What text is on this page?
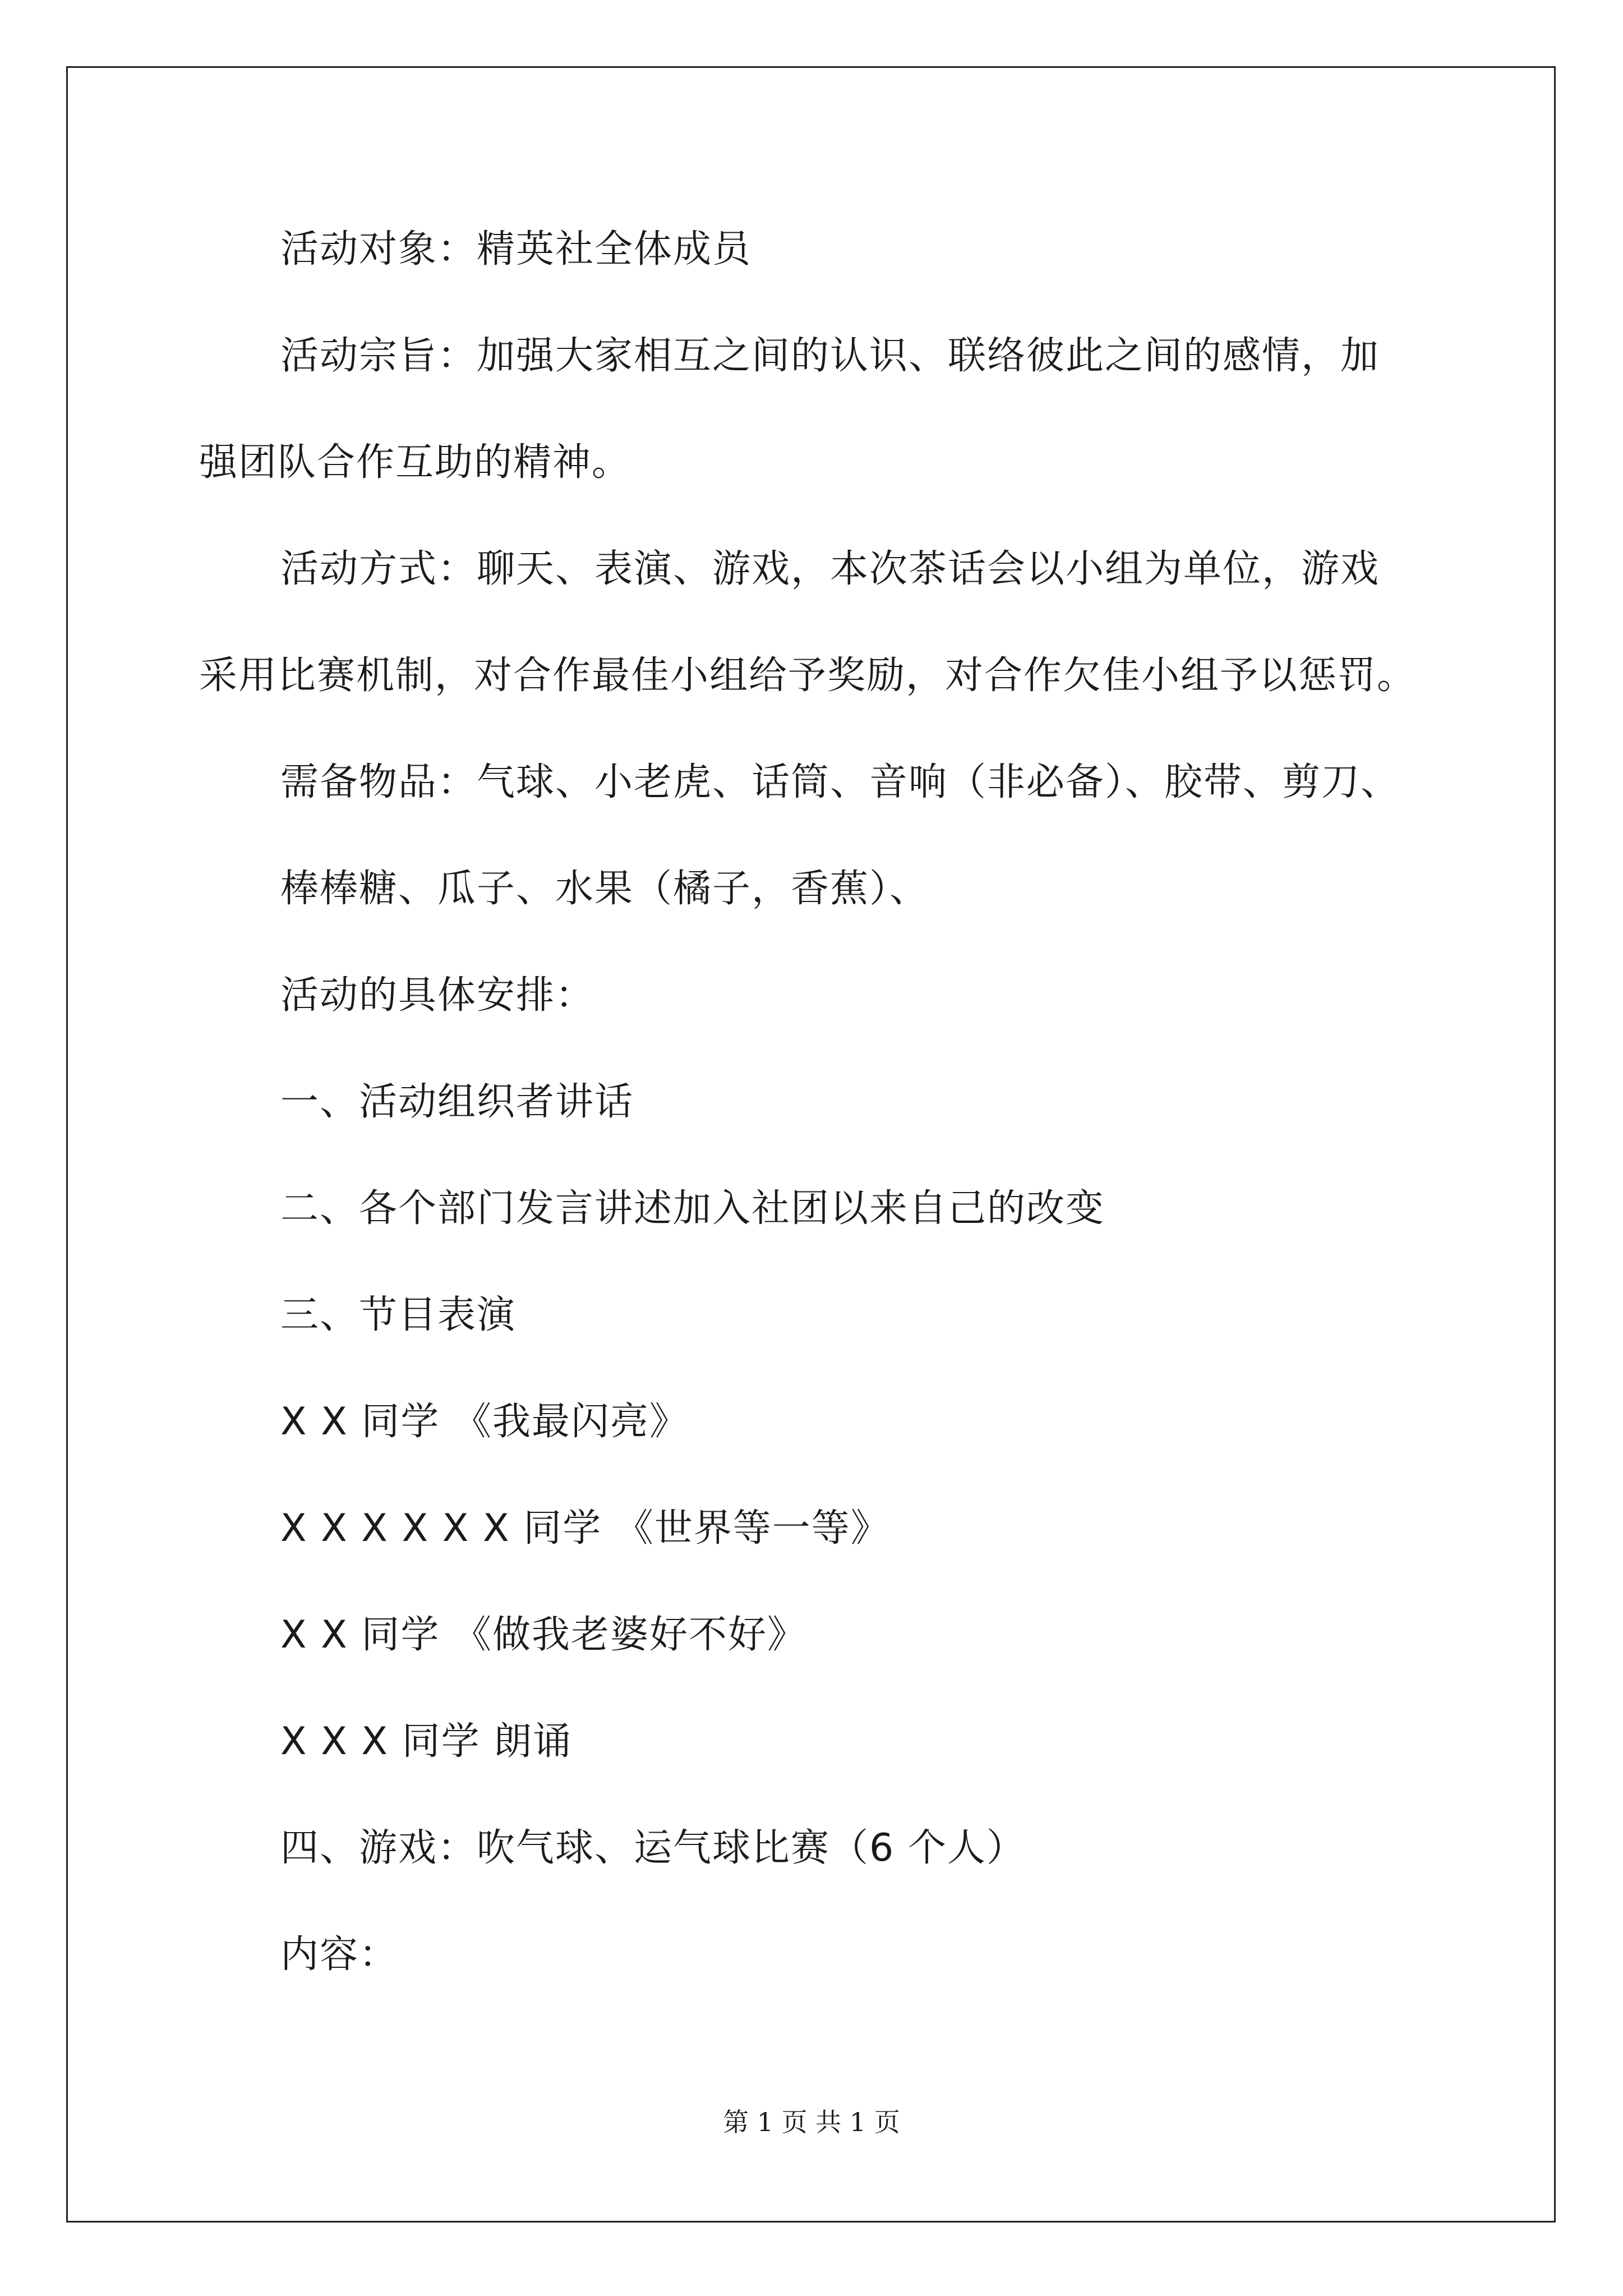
活动对象：精英社全体成员

活动宗旨：加强大家相互之间的认识、联络彼此之间的感情，加

强团队合作互助的精神。

活动方式：聊天、表演、游戏，本次茶话会以小组为单位，游戏

采用比赛机制，对合作最佳小组给予奖励，对合作欠佳小组予以惩罚。

需备物品：气球、小老虎、话筒、音响（非必备）、胶带、剪刀、

棒棒糖、瓜子、水果（橘子，香蕉）、

活动的具体安排：

一、活动组织者讲话

二、各个部门发言讲述加入社团以来自己的改变

三、节目表演

X X 同学 《我最闪亮》

X X X X X X 同学 《世界等一等》

X X 同学 《做我老婆好不好》

X X X 同学 朗诵

四、游戏：吹气球、运气球比赛（6 个人）

内容：

第 1 页 共 1 页
